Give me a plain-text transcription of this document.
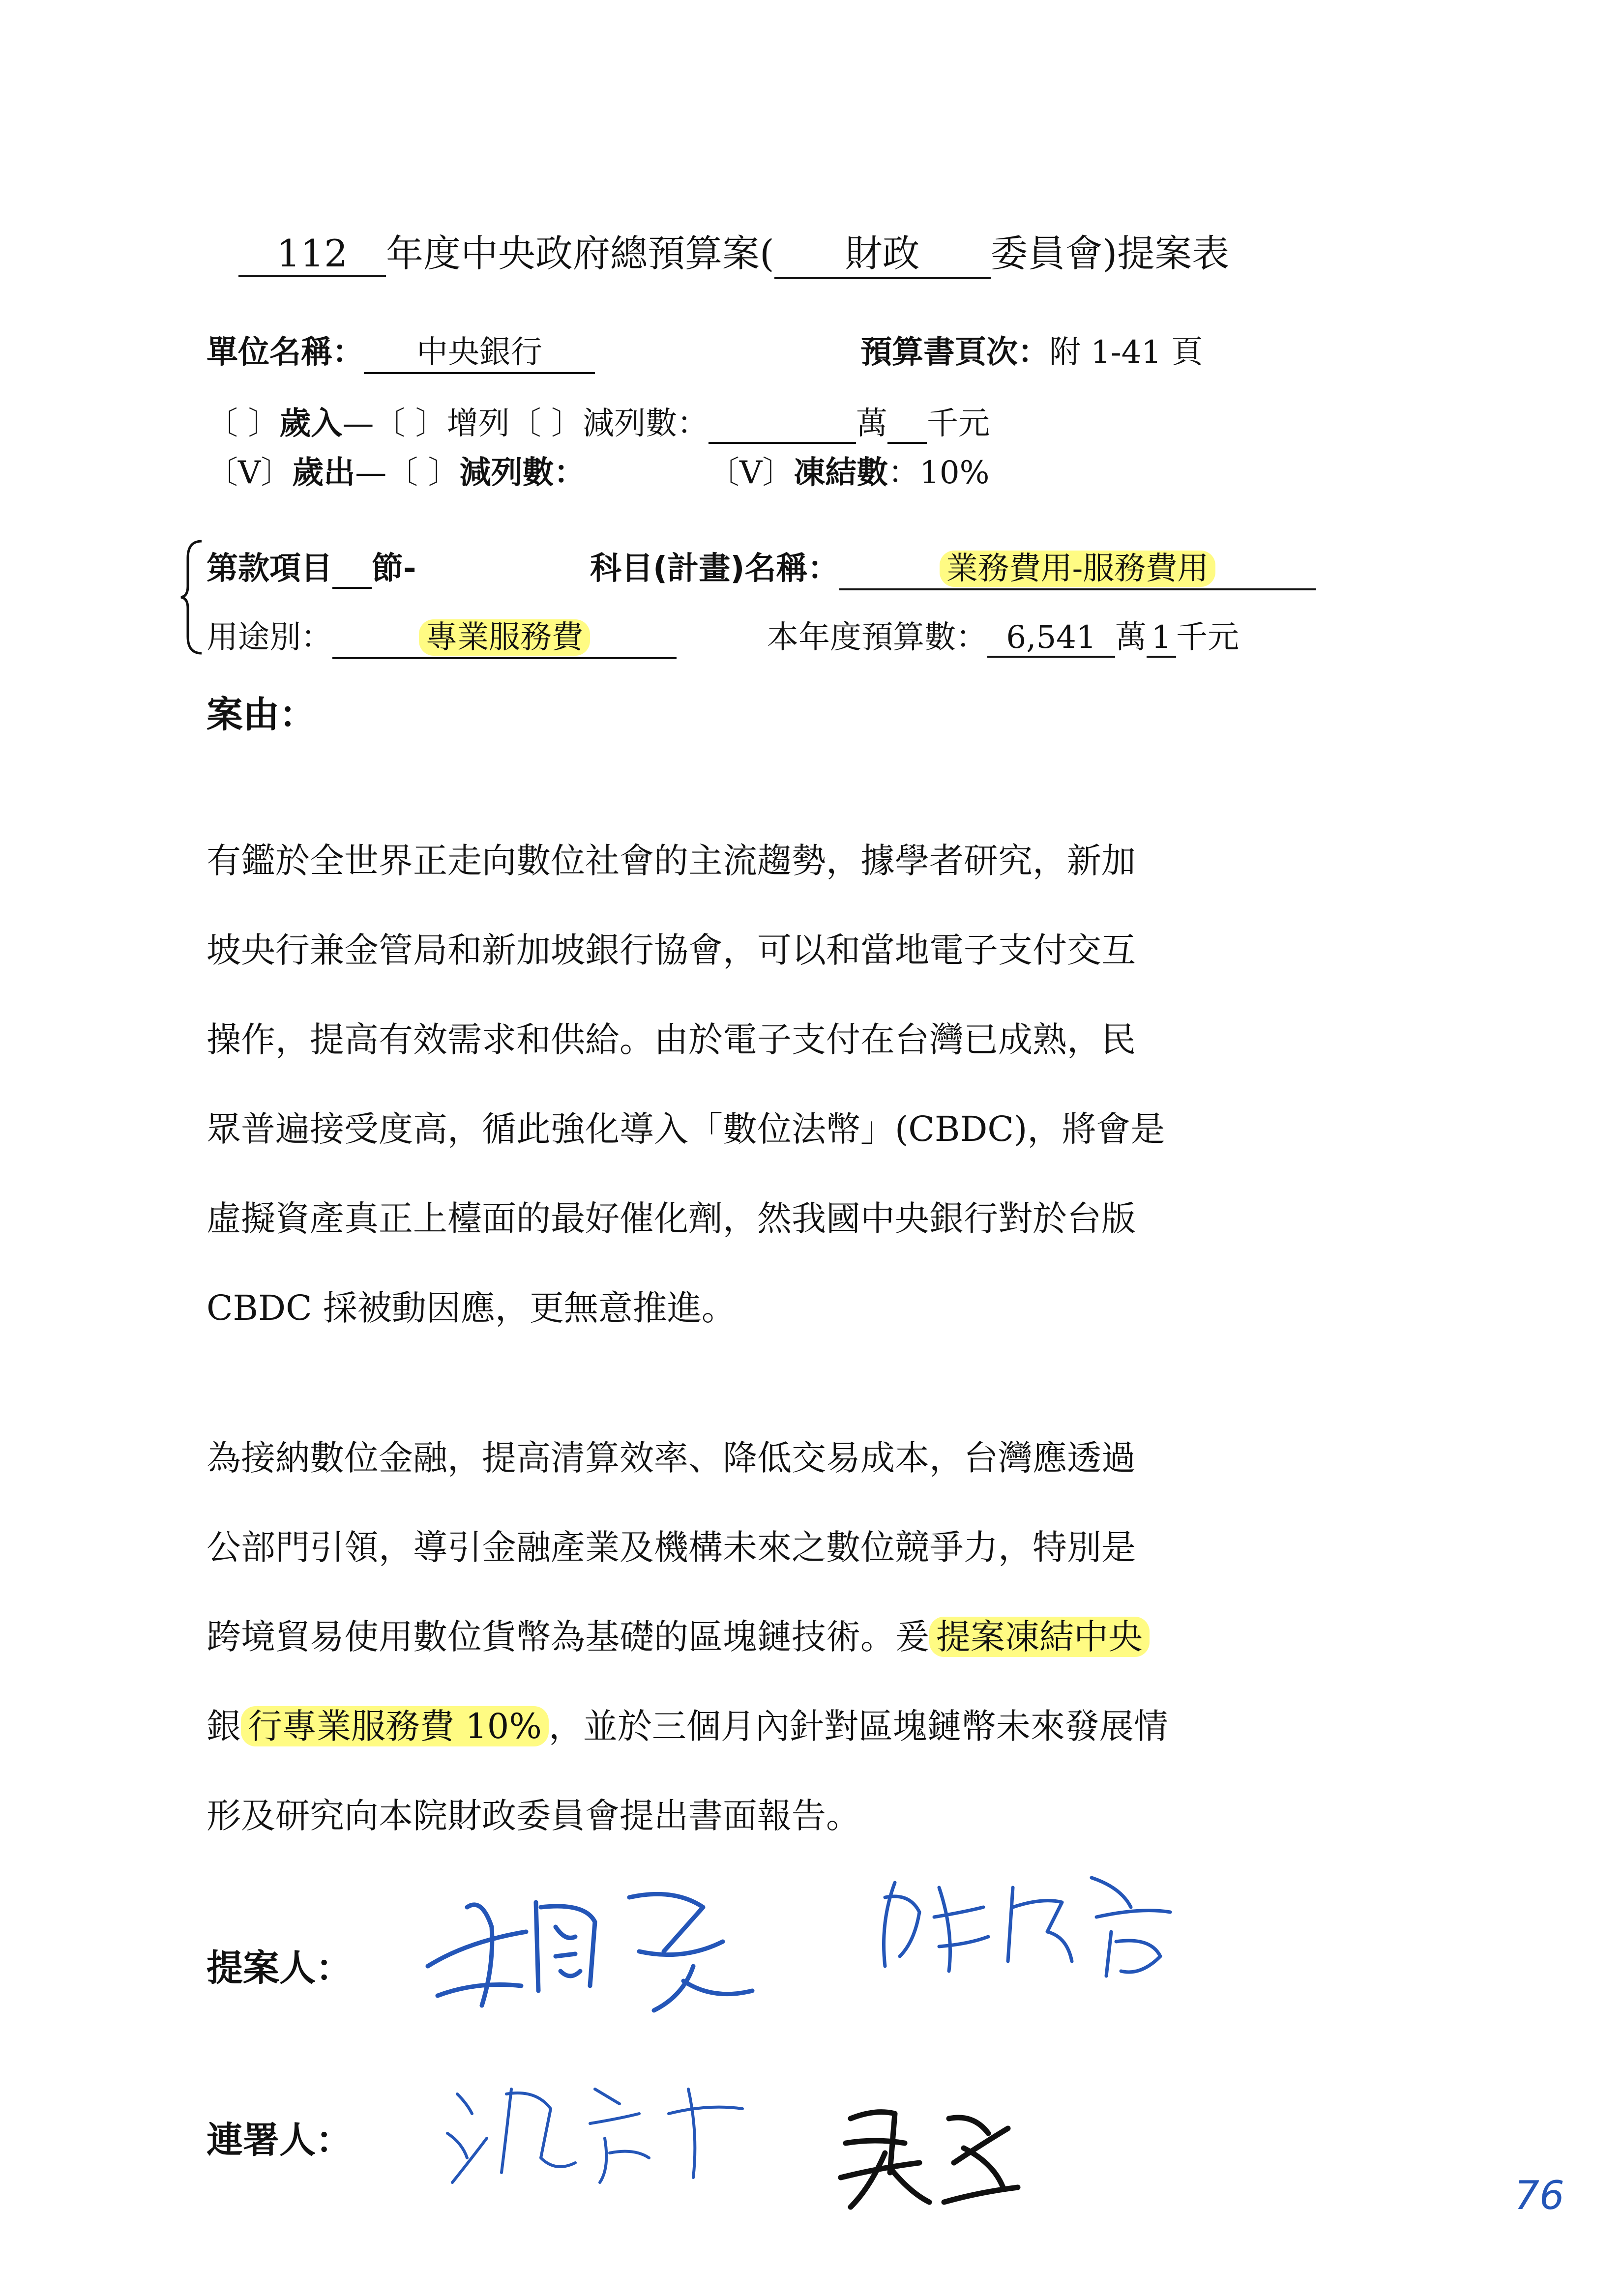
112 年度中央政府總預算案( 財政 委員會)提案表
單位名稱： 中央銀行	預算書頁次：附 1-41 頁
〔 〕歲入—〔 〕增列〔 〕減列數：	萬 千元
〔V〕歲出—〔 〕減列數：	〔V〕凍結數：10%
第款項目 節-	科目(計畫)名稱：	業務費用-服務費用
用途別：	專業服務費	本年度預算數： 6,541 萬 1 千元
案由：
有鑑於全世界正走向數位社會的主流趨勢，據學者研究，新加
坡央行兼金管局和新加坡銀行協會，可以和當地電子支付交互
操作，提高有效需求和供給。由於電子支付在台灣已成熟，民
眾普遍接受度高，循此強化導入「數位法幣」(CBDC)，將會是
虛擬資產真正上檯面的最好催化劑，然我國中央銀行對於台版
CBDC 採被動因應，更無意推進。
為接納數位金融，提高清算效率、降低交易成本，台灣應透過
公部門引領，導引金融產業及機構未來之數位競爭力，特別是
跨境貿易使用數位貨幣為基礎的區塊鏈技術。爰 提案凍結中央
銀 行專業服務費 10% ，並於三個月內針對區塊鏈幣未來發展情
形及研究向本院財政委員會提出書面報告。
提案人：
連署人：
76
